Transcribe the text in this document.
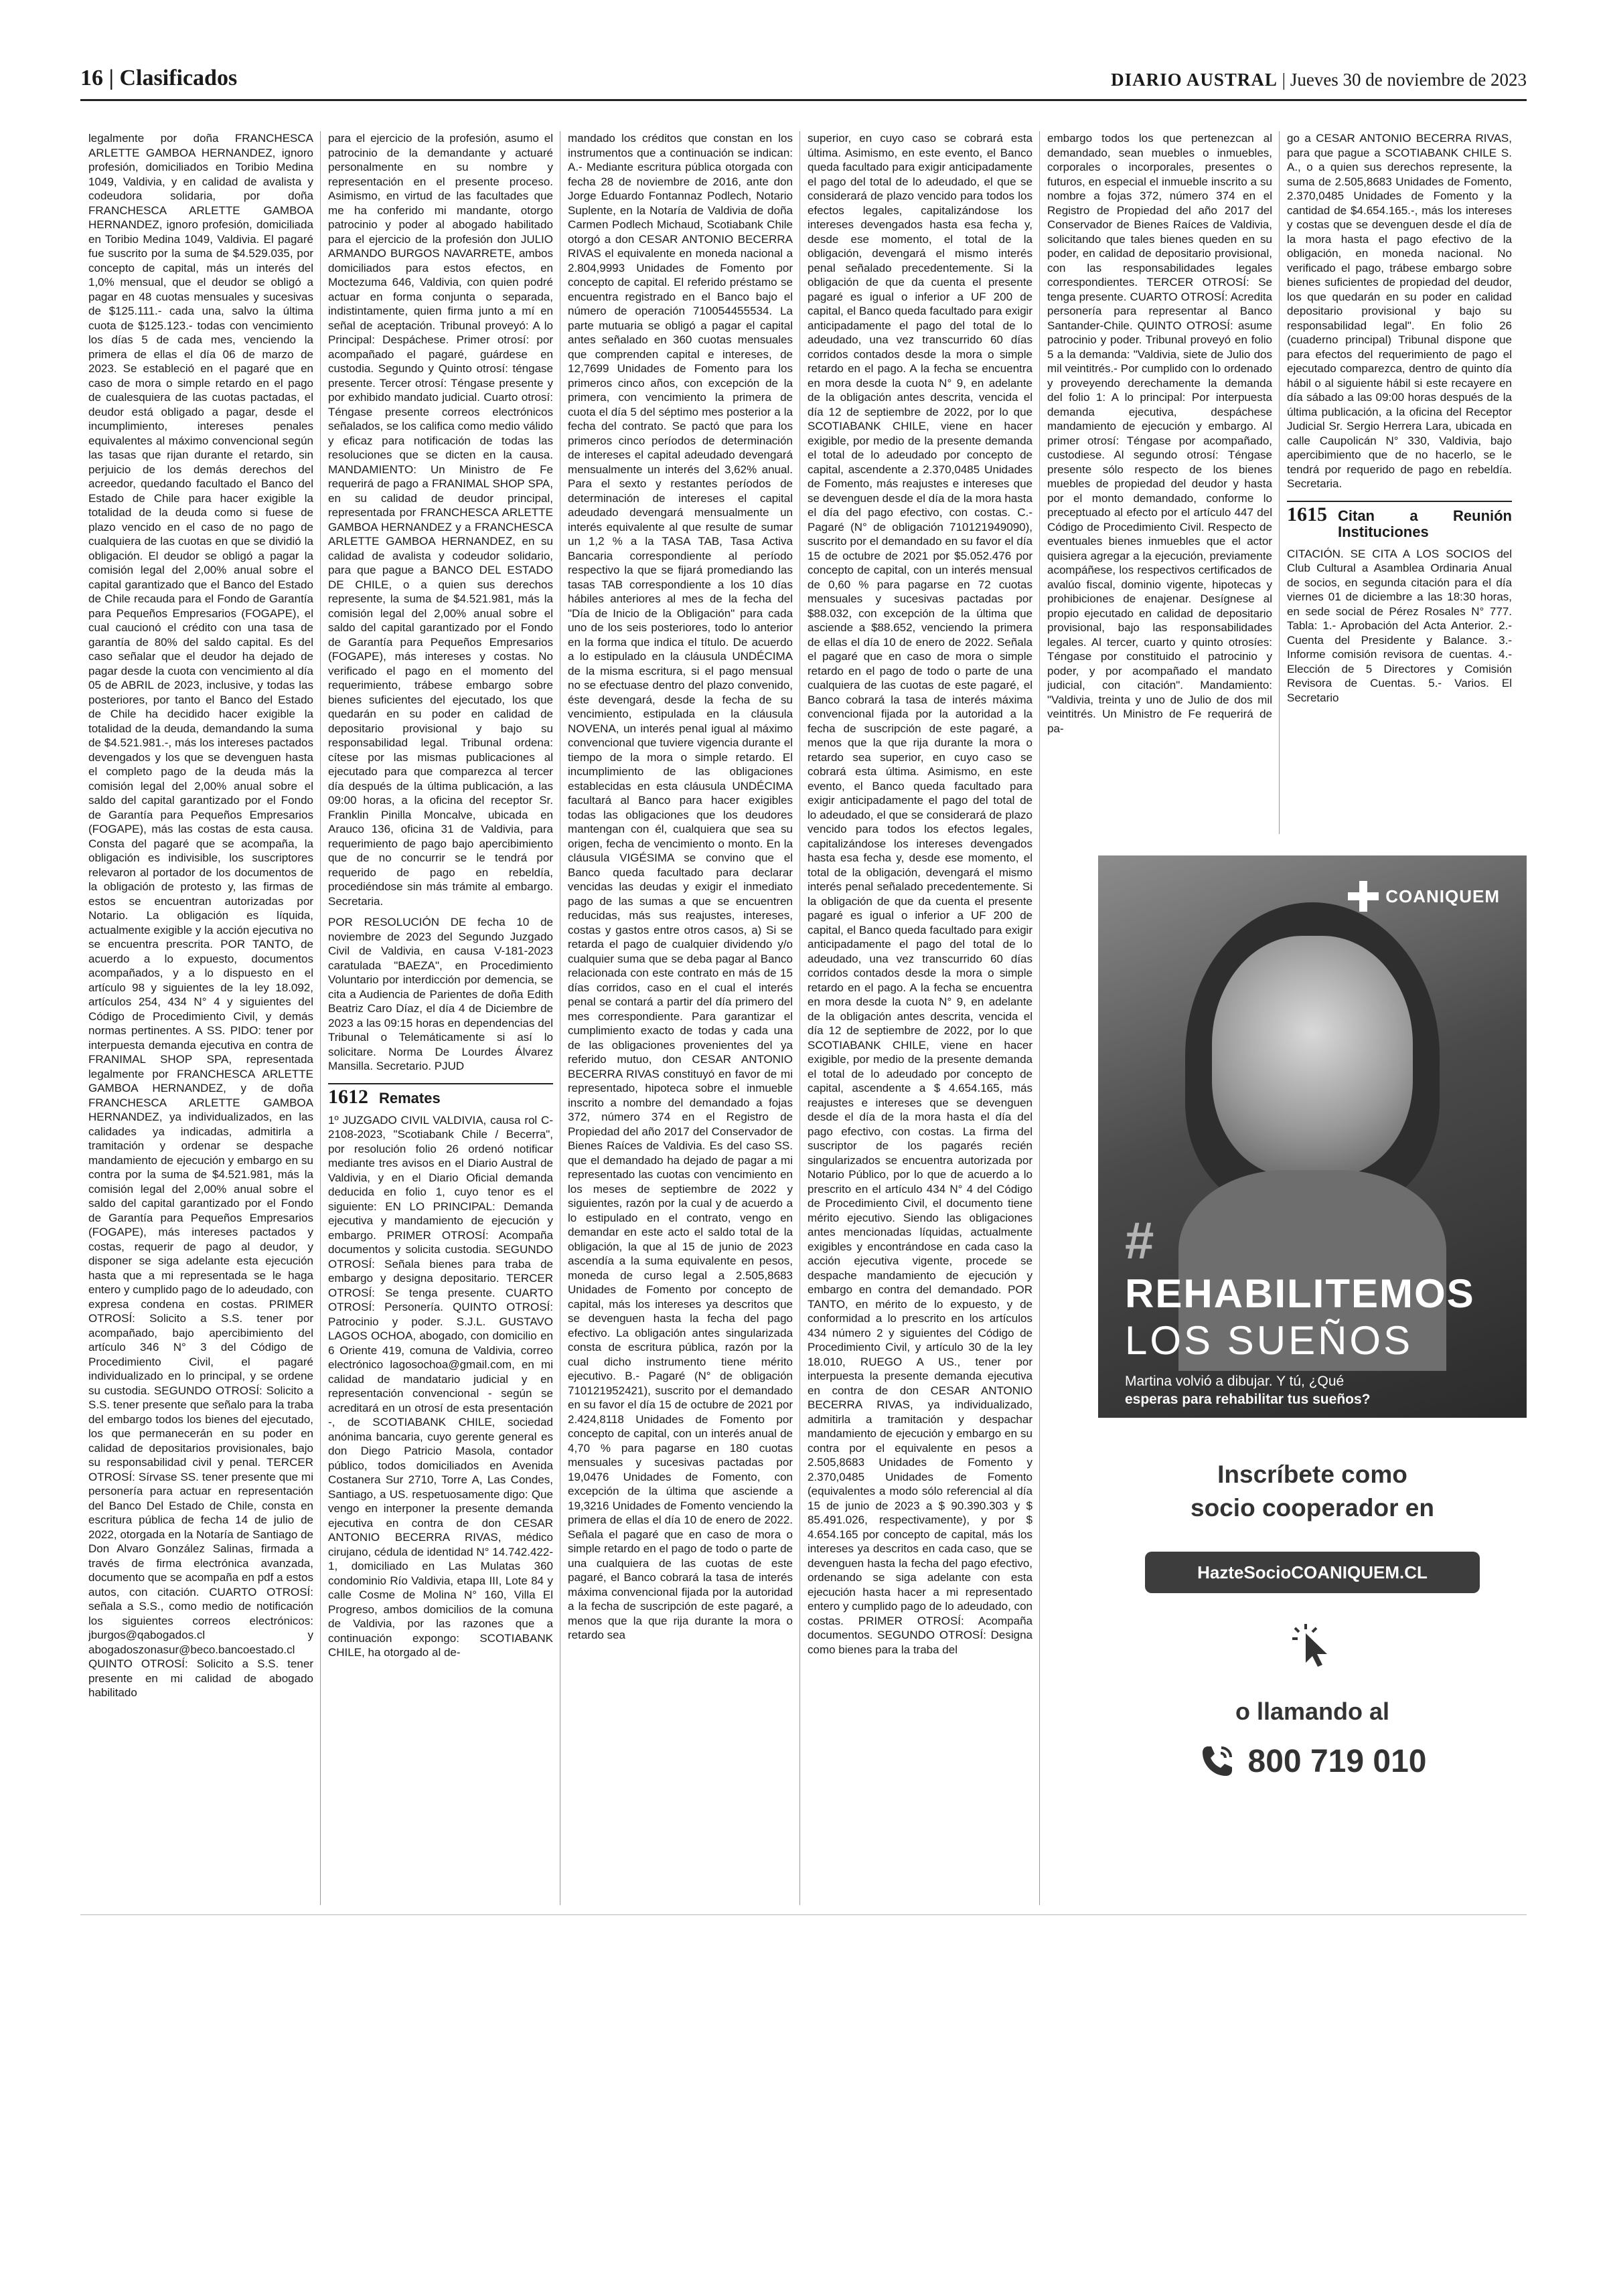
16 | Clasificados	DIARIO AUSTRAL | Jueves 30 de noviembre de 2023

legalmente por doña FRANCHESCA ARLETTE GAMBOA HERNANDEZ, ignoro profesión, domiciliados en Toribio Medina 1049, Valdivia, y en calidad de avalista y codeudora solidaria, por doña FRANCHESCA ARLETTE GAMBOA HERNANDEZ, ignoro profesión, domiciliada en Toribio Medina 1049, Valdivia. El pagaré fue suscrito por la suma de $4.529.035, por concepto de capital, más un interés del 1,0% mensual, que el deudor se obligó a pagar en 48 cuotas mensuales y sucesivas de $125.111.- cada una, salvo la última cuota de $125.123.- todas con vencimiento los días 5 de cada mes, venciendo la primera de ellas el día 06 de marzo de 2023. Se estableció en el pagaré que en caso de mora o simple retardo en el pago de cualesquiera de las cuotas pactadas, el deudor está obligado a pagar, desde el incumplimiento, intereses penales equivalentes al máximo convencional según las tasas que rijan durante el retardo, sin perjuicio de los demás derechos del acreedor, quedando facultado el Banco del Estado de Chile para hacer exigible la totalidad de la deuda como si fuese de plazo vencido en el caso de no pago de cualquiera de las cuotas en que se dividió la obligación. El deudor se obligó a pagar la comisión legal del 2,00% anual sobre el capital garantizado que el Banco del Estado de Chile recauda para el Fondo de Garantía para Pequeños Empresarios (FOGAPE), el cual caucionó el crédito con una tasa de garantía de 80% del saldo capital. Es del caso señalar que el deudor ha dejado de pagar desde la cuota con vencimiento al día 05 de ABRIL de 2023, inclusive, y todas las posteriores, por tanto el Banco del Estado de Chile ha decidido hacer exigible la totalidad de la deuda, demandando la suma de $4.521.981.-, más los intereses pactados devengados y los que se devenguen hasta el completo pago de la deuda más la comisión legal del 2,00% anual sobre el saldo del capital garantizado por el Fondo de Garantía para Pequeños Empresarios (FOGAPE), más las costas de esta causa. Consta del pagaré que se acompaña, la obligación es indivisible, los suscriptores relevaron al portador de los documentos de la obligación de protesto y, las firmas de estos se encuentran autorizadas por Notario. La obligación es líquida, actualmente exigible y la acción ejecutiva no se encuentra prescrita. POR TANTO, de acuerdo a lo expuesto, documentos acompañados, y a lo dispuesto en el artículo 98 y siguientes de la ley 18.092, artículos 254, 434 N° 4 y siguientes del Código de Procedimiento Civil, y demás normas pertinentes. A SS. PIDO: tener por interpuesta demanda ejecutiva en contra de FRANIMAL SHOP SPA, representada legalmente por FRANCHESCA ARLETTE GAMBOA HERNANDEZ, y de doña FRANCHESCA ARLETTE GAMBOA HERNANDEZ, ya individualizados, en las calidades ya indicadas, admitirla a tramitación y ordenar se despache mandamiento de ejecución y embargo en su contra por la suma de $4.521.981, más la comisión legal del 2,00% anual sobre el saldo del capital garantizado por el Fondo de Garantía para Pequeños Empresarios (FOGAPE), más intereses pactados y costas, requerir de pago al deudor, y disponer se siga adelante esta ejecución hasta que a mi representada se le haga entero y cumplido pago de lo adeudado, con expresa condena en costas. PRIMER OTROSÍ: Solicito a S.S. tener por acompañado, bajo apercibimiento del artículo 346 N° 3 del Código de Procedimiento Civil, el pagaré individualizado en lo principal, y se ordene su custodia. SEGUNDO OTROSÍ: Solicito a S.S. tener presente que señalo para la traba del embargo todos los bienes del ejecutado, los que permanecerán en su poder en calidad de depositarios provisionales, bajo su responsabilidad civil y penal. TERCER OTROSÍ: Sírvase SS. tener presente que mi personería para actuar en representación del Banco Del Estado de Chile, consta en escritura pública de fecha 14 de julio de 2022, otorgada en la Notaría de Santiago de Don Alvaro González Salinas, firmada a través de firma electrónica avanzada, documento que se acompaña en pdf a estos autos, con citación. CUARTO OTROSÍ: señala a S.S., como medio de notificación los siguientes correos electrónicos: jburgos@qabogados.cl y abogadoszonasur@beco.bancoestado.cl QUINTO OTROSÍ: Solicito a S.S. tener presente en mi calidad de abogado habilitado

para el ejercicio de la profesión, asumo el patrocinio de la demandante y actuaré personalmente en su nombre y representación en el presente proceso. Asimismo, en virtud de las facultades que me ha conferido mi mandante, otorgo patrocinio y poder al abogado habilitado para el ejercicio de la profesión don JULIO ARMANDO BURGOS NAVARRETE, ambos domiciliados para estos efectos, en Moctezuma 646, Valdivia, con quien podré actuar en forma conjunta o separada, indistintamente, quien firma junto a mí en señal de aceptación. Tribunal proveyó: A lo Principal: Despáchese. Primer otrosí: por acompañado el pagaré, guárdese en custodia. Segundo y Quinto otrosí: téngase presente. Tercer otrosí: Téngase presente y por exhibido mandato judicial. Cuarto otrosí: Téngase presente correos electrónicos señalados, se los califica como medio válido y eficaz para notificación de todas las resoluciones que se dicten en la causa. MANDAMIENTO: Un Ministro de Fe requerirá de pago a FRANIMAL SHOP SPA, en su calidad de deudor principal, representada por FRANCHESCA ARLETTE GAMBOA HERNANDEZ y a FRANCHESCA ARLETTE GAMBOA HERNANDEZ, en su calidad de avalista y codeudor solidario, para que pague a BANCO DEL ESTADO DE CHILE, o a quien sus derechos represente, la suma de $4.521.981, más la comisión legal del 2,00% anual sobre el saldo del capital garantizado por el Fondo de Garantía para Pequeños Empresarios (FOGAPE), más intereses y costas. No verificado el pago en el momento del requerimiento, trábese embargo sobre bienes suficientes del ejecutado, los que quedarán en su poder en calidad de depositario provisional y bajo su responsabilidad legal. Tribunal ordena: cítese por las mismas publicaciones al ejecutado para que comparezca al tercer día después de la última publicación, a las 09:00 horas, a la oficina del receptor Sr. Franklin Pinilla Moncalve, ubicada en Arauco 136, oficina 31 de Valdivia, para requerimiento de pago bajo apercibimiento que de no concurrir se le tendrá por requerido de pago en rebeldía, procediéndose sin más trámite al embargo. Secretaria.

POR RESOLUCIÓN DE fecha 10 de noviembre de 2023 del Segundo Juzgado Civil de Valdivia, en causa V-181-2023 caratulada "BAEZA", en Procedimiento Voluntario por interdicción por demencia, se cita a Audiencia de Parientes de doña Edith Beatriz Caro Díaz, el día 4 de Diciembre de 2023 a las 09:15 horas en dependencias del Tribunal o Telemáticamente si así lo solicitare. Norma De Lourdes Álvarez Mansilla. Secretario. PJUD

1612 Remates

1º JUZGADO CIVIL VALDIVIA, causa rol C-2108-2023, "Scotiabank Chile / Becerra", por resolución folio 26 ordenó notificar mediante tres avisos en el Diario Austral de Valdivia, y en el Diario Oficial demanda deducida en folio 1, cuyo tenor es el siguiente: EN LO PRINCIPAL: Demanda ejecutiva y mandamiento de ejecución y embargo. PRIMER OTROSÍ: Acompaña documentos y solicita custodia. SEGUNDO OTROSÍ: Señala bienes para traba de embargo y designa depositario. TERCER OTROSÍ: Se tenga presente. CUARTO OTROSÍ: Personería. QUINTO OTROSÍ: Patrocinio y poder. S.J.L. GUSTAVO LAGOS OCHOA, abogado, con domicilio en 6 Oriente 419, comuna de Valdivia, correo electrónico lagosochoa@gmail.com, en mi calidad de mandatario judicial y en representación convencional - según se acreditará en un otrosí de esta presentación -, de SCOTIABANK CHILE, sociedad anónima bancaria, cuyo gerente general es don Diego Patricio Masola, contador público, todos domiciliados en Avenida Costanera Sur 2710, Torre A, Las Condes, Santiago, a US. respetuosamente digo: Que vengo en interponer la presente demanda ejecutiva en contra de don CESAR ANTONIO BECERRA RIVAS, médico cirujano, cédula de identidad N° 14.742.422-1, domiciliado en Las Mulatas 360 condominio Río Valdivia, etapa III, Lote 84 y calle Cosme de Molina N° 160, Villa El Progreso, ambos domicilios de la comuna de Valdivia, por las razones que a continuación expongo: SCOTIABANK CHILE, ha otorgado al de-

mandado los créditos que constan en los instrumentos que a continuación se indican: A.- Mediante escritura pública otorgada con fecha 28 de noviembre de 2016, ante don Jorge Eduardo Fontannaz Podlech, Notario Suplente, en la Notaría de Valdivia de doña Carmen Podlech Michaud, Scotiabank Chile otorgó a don CESAR ANTONIO BECERRA RIVAS el equivalente en moneda nacional a 2.804,9993 Unidades de Fomento por concepto de capital. El referido préstamo se encuentra registrado en el Banco bajo el número de operación 710054455534. La parte mutuaria se obligó a pagar el capital antes señalado en 360 cuotas mensuales que comprenden capital e intereses, de 12,7699 Unidades de Fomento para los primeros cinco años, con excepción de la primera, con vencimiento la primera de cuota el día 5 del séptimo mes posterior a la fecha del contrato. Se pactó que para los primeros cinco períodos de determinación de intereses el capital adeudado devengará mensualmente un interés del 3,62% anual. Para el sexto y restantes períodos de determinación de intereses el capital adeudado devengará mensualmente un interés equivalente al que resulte de sumar un 1,2 % a la TASA TAB, Tasa Activa Bancaria correspondiente al período respectivo la que se fijará promediando las tasas TAB correspondiente a los 10 días hábiles anteriores al mes de la fecha del "Día de Inicio de la Obligación" para cada uno de los seis posteriores, todo lo anterior en la forma que indica el título. De acuerdo a lo estipulado en la cláusula UNDÉCIMA de la misma escritura, si el pago mensual no se efectuase dentro del plazo convenido, éste devengará, desde la fecha de su vencimiento, estipulada en la cláusula NOVENA, un interés penal igual al máximo convencional que tuviere vigencia durante el tiempo de la mora o simple retardo. El incumplimiento de las obligaciones establecidas en esta cláusula UNDÉCIMA facultará al Banco para hacer exigibles todas las obligaciones que los deudores mantengan con él, cualquiera que sea su origen, fecha de vencimiento o monto. En la cláusula VIGÉSIMA se convino que el Banco queda facultado para declarar vencidas las deudas y exigir el inmediato pago de las sumas a que se encuentren reducidas, más sus reajustes, intereses, costas y gastos entre otros casos, a) Si se retarda el pago de cualquier dividendo y/o cualquier suma que se deba pagar al Banco relacionada con este contrato en más de 15 días corridos, caso en el cual el interés penal se contará a partir del día primero del mes correspondiente. Para garantizar el cumplimiento exacto de todas y cada una de las obligaciones provenientes del ya referido mutuo, don CESAR ANTONIO BECERRA RIVAS constituyó en favor de mi representado, hipoteca sobre el inmueble inscrito a nombre del demandado a fojas 372, número 374 en el Registro de Propiedad del año 2017 del Conservador de Bienes Raíces de Valdivia. Es del caso SS. que el demandado ha dejado de pagar a mi representado las cuotas con vencimiento en los meses de septiembre de 2022 y siguientes, razón por la cual y de acuerdo a lo estipulado en el contrato, vengo en demandar en este acto el saldo total de la obligación, la que al 15 de junio de 2023 ascendía a la suma equivalente en pesos, moneda de curso legal a 2.505,8683 Unidades de Fomento por concepto de capital, más los intereses ya descritos que se devenguen hasta la fecha del pago efectivo. La obligación antes singularizada consta de escritura pública, razón por la cual dicho instrumento tiene mérito ejecutivo. B.- Pagaré (N° de obligación 710121952421), suscrito por el demandado en su favor el día 15 de octubre de 2021 por 2.424,8118 Unidades de Fomento por concepto de capital, con un interés anual de 4,70 % para pagarse en 180 cuotas mensuales y sucesivas pactadas por 19,0476 Unidades de Fomento, con excepción de la última que asciende a 19,3216 Unidades de Fomento venciendo la primera de ellas el día 10 de enero de 2022. Señala el pagaré que en caso de mora o simple retardo en el pago de todo o parte de una cualquiera de las cuotas de este pagaré, el Banco cobrará la tasa de interés máxima convencional fijada por la autoridad a la fecha de suscripción de este pagaré, a menos que la que rija durante la mora o retardo sea

superior, en cuyo caso se cobrará esta última. Asimismo, en este evento, el Banco queda facultado para exigir anticipadamente el pago del total de lo adeudado, el que se considerará de plazo vencido para todos los efectos legales, capitalizándose los intereses devengados hasta esa fecha y, desde ese momento, el total de la obligación, devengará el mismo interés penal señalado precedentemente. Si la obligación de que da cuenta el presente pagaré es igual o inferior a UF 200 de capital, el Banco queda facultado para exigir anticipadamente el pago del total de lo adeudado, una vez transcurrido 60 días corridos contados desde la mora o simple retardo en el pago. A la fecha se encuentra en mora desde la cuota N° 9, en adelante de la obligación antes descrita, vencida el día 12 de septiembre de 2022, por lo que SCOTIABANK CHILE, viene en hacer exigible, por medio de la presente demanda el total de lo adeudado por concepto de capital, ascendente a 2.370,0485 Unidades de Fomento, más reajustes e intereses que se devenguen desde el día de la mora hasta el día del pago efectivo, con costas. C.- Pagaré (N° de obligación 710121949090), suscrito por el demandado en su favor el día 15 de octubre de 2021 por $5.052.476 por concepto de capital, con un interés mensual de 0,60 % para pagarse en 72 cuotas mensuales y sucesivas pactadas por $88.032, con excepción de la última que asciende a $88.652, venciendo la primera de ellas el día 10 de enero de 2022. Señala el pagaré que en caso de mora o simple retardo en el pago de todo o parte de una cualquiera de las cuotas de este pagaré, el Banco cobrará la tasa de interés máxima convencional fijada por la autoridad a la fecha de suscripción de este pagaré, a menos que la que rija durante la mora o retardo sea superior, en cuyo caso se cobrará esta última. Asimismo, en este evento, el Banco queda facultado para exigir anticipadamente el pago del total de lo adeudado, el que se considerará de plazo vencido para todos los efectos legales, capitalizándose los intereses devengados hasta esa fecha y, desde ese momento, el total de la obligación, devengará el mismo interés penal señalado precedentemente. Si la obligación de que da cuenta el presente pagaré es igual o inferior a UF 200 de capital, el Banco queda facultado para exigir anticipadamente el pago del total de lo adeudado, una vez transcurrido 60 días corridos contados desde la mora o simple retardo en el pago. A la fecha se encuentra en mora desde la cuota N° 9, en adelante de la obligación antes descrita, vencida el día 12 de septiembre de 2022, por lo que SCOTIABANK CHILE, viene en hacer exigible, por medio de la presente demanda el total de lo adeudado por concepto de capital, ascendente a $ 4.654.165, más reajustes e intereses que se devenguen desde el día de la mora hasta el día del pago efectivo, con costas. La firma del suscriptor de los pagarés recién singularizados se encuentra autorizada por Notario Público, por lo que de acuerdo a lo prescrito en el artículo 434 N° 4 del Código de Procedimiento Civil, el documento tiene mérito ejecutivo. Siendo las obligaciones antes mencionadas líquidas, actualmente exigibles y encontrándose en cada caso la acción ejecutiva vigente, procede se despache mandamiento de ejecución y embargo en contra del demandado. POR TANTO, en mérito de lo expuesto, y de conformidad a lo prescrito en los artículos 434 número 2 y siguientes del Código de Procedimiento Civil, y artículo 30 de la ley 18.010, RUEGO A US., tener por interpuesta la presente demanda ejecutiva en contra de don CESAR ANTONIO BECERRA RIVAS, ya individualizado, admitirla a tramitación y despachar mandamiento de ejecución y embargo en su contra por el equivalente en pesos a 2.505,8683 Unidades de Fomento y 2.370,0485 Unidades de Fomento (equivalentes a modo sólo referencial al día 15 de junio de 2023 a $ 90.390.303 y $ 85.491.026, respectivamente), y por $ 4.654.165 por concepto de capital, más los intereses ya descritos en cada caso, que se devenguen hasta la fecha del pago efectivo, ordenando se siga adelante con esta ejecución hasta hacer a mi representado entero y cumplido pago de lo adeudado, con costas. PRIMER OTROSÍ: Acompaña documentos. SEGUNDO OTROSÍ: Designa como bienes para la traba del

embargo todos los que pertenezcan al demandado, sean muebles o inmuebles, corporales o incorporales, presentes o futuros, en especial el inmueble inscrito a su nombre a fojas 372, número 374 en el Registro de Propiedad del año 2017 del Conservador de Bienes Raíces de Valdivia, solicitando que tales bienes queden en su poder, en calidad de depositario provisional, con las responsabilidades legales correspondientes. TERCER OTROSÍ: Se tenga presente. CUARTO OTROSÍ: Acredita personería para representar al Banco Santander-Chile. QUINTO OTROSÍ: asume patrocinio y poder. Tribunal proveyó en folio 5 a la demanda: "Valdivia, siete de Julio dos mil veintitrés.- Por cumplido con lo ordenado y proveyendo derechamente la demanda del folio 1: A lo principal: Por interpuesta demanda ejecutiva, despáchese mandamiento de ejecución y embargo. Al primer otrosí: Téngase por acompañado, custodiese. Al segundo otrosí: Téngase presente sólo respecto de los bienes muebles de propiedad del deudor y hasta por el monto demandado, conforme lo preceptuado al efecto por el artículo 447 del Código de Procedimiento Civil. Respecto de eventuales bienes inmuebles que el actor quisiera agregar a la ejecución, previamente acompáñese, los respectivos certificados de avalúo fiscal, dominio vigente, hipotecas y prohibiciones de enajenar. Desígnese al propio ejecutado en calidad de depositario provisional, bajo las responsabilidades legales. Al tercer, cuarto y quinto otrosíes: Téngase por constituido el patrocinio y poder, y por acompañado el mandato judicial, con citación". Mandamiento: "Valdivia, treinta y uno de Julio de dos mil veintitrés. Un Ministro de Fe requerirá de pa-

go a CESAR ANTONIO BECERRA RIVAS, para que pague a SCOTIABANK CHILE S. A., o a quien sus derechos represente, la suma de 2.505,8683 Unidades de Fomento, 2.370,0485 Unidades de Fomento y la cantidad de $4.654.165.-, más los intereses y costas que se devenguen desde el día de la mora hasta el pago efectivo de la obligación, en moneda nacional. No verificado el pago, trábese embargo sobre bienes suficientes de propiedad del deudor, los que quedarán en su poder en calidad depositario provisional y bajo su responsabilidad legal". En folio 26 (cuaderno principal) Tribunal dispone que para efectos del requerimiento de pago el ejecutado comparezca, dentro de quinto día hábil o al siguiente hábil si este recayere en día sábado a las 09:00 horas después de la última publicación, a la oficina del Receptor Judicial Sr. Sergio Herrera Lara, ubicada en calle Caupolicán N° 330, Valdivia, bajo apercibimiento que de no hacerlo, se le tendrá por requerido de pago en rebeldía. Secretaria.

1615 Citan a Reunión Instituciones

CITACIÓN. SE CITA A LOS SOCIOS del Club Cultural a Asamblea Ordinaria Anual de socios, en segunda citación para el día viernes 01 de diciembre a las 18:30 horas, en sede social de Pérez Rosales N° 777. Tabla: 1.- Aprobación del Acta Anterior. 2.- Cuenta del Presidente y Balance. 3.- Informe comisión revisora de cuentas. 4.- Elección de 5 Directores y Comisión Revisora de Cuentas. 5.- Varios. El Secretario

COANIQUEM
#
REHABILITEMOS
LOS SUEÑOS
Martina volvió a dibujar. Y tú, ¿Qué
esperas para rehabilitar tus sueños?
Inscríbete como
socio cooperador en
HazteSocioCOANIQUEM.CL
o llamando al
800 719 010
